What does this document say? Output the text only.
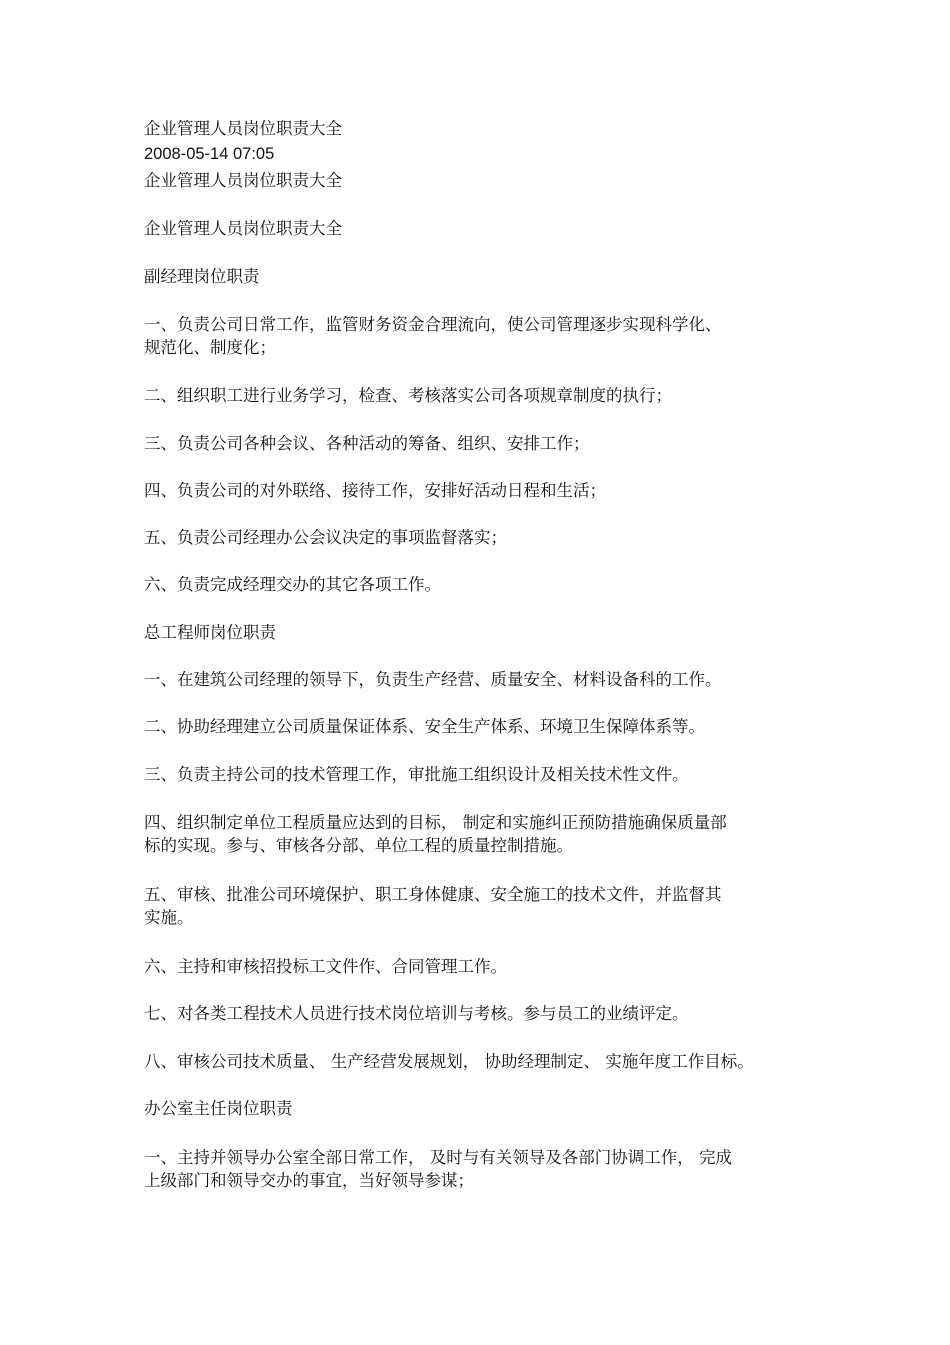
企业管理人员岗位职责大全
2008-05-14 07:05
企业管理人员岗位职责大全
企业管理人员岗位职责大全
副经理岗位职责
一、负责公司日常工作，监管财务资金合理流向，使公司管理逐步实现科学化、
规范化、制度化；
二、组织职工进行业务学习，检查、考核落实公司各项规章制度的执行；
三、负责公司各种会议、各种活动的筹备、组织、安排工作；
四、负责公司的对外联络、接待工作，安排好活动日程和生活；
五、负责公司经理办公会议决定的事项监督落实；
六、负责完成经理交办的其它各项工作。
总工程师岗位职责
一、在建筑公司经理的领导下，负责生产经营、质量安全、材料设备科的工作。
二、协助经理建立公司质量保证体系、安全生产体系、环境卫生保障体系等。
三、负责主持公司的技术管理工作，审批施工组织设计及相关技术性文件。
四、组织制定单位工程质量应达到的目标， 制定和实施纠正预防措施确保质量部
标的实现。参与、审核各分部、单位工程的质量控制措施。
五、审核、批准公司环境保护、职工身体健康、安全施工的技术文件，并监督其
实施。
六、主持和审核招投标工文件作、合同管理工作。
七、对各类工程技术人员进行技术岗位培训与考核。参与员工的业绩评定。
八、审核公司技术质量、 生产经营发展规划， 协助经理制定、 实施年度工作目标。
办公室主任岗位职责
一、主持并领导办公室全部日常工作， 及时与有关领导及各部门协调工作， 完成
上级部门和领导交办的事宜，当好领导参谋；
